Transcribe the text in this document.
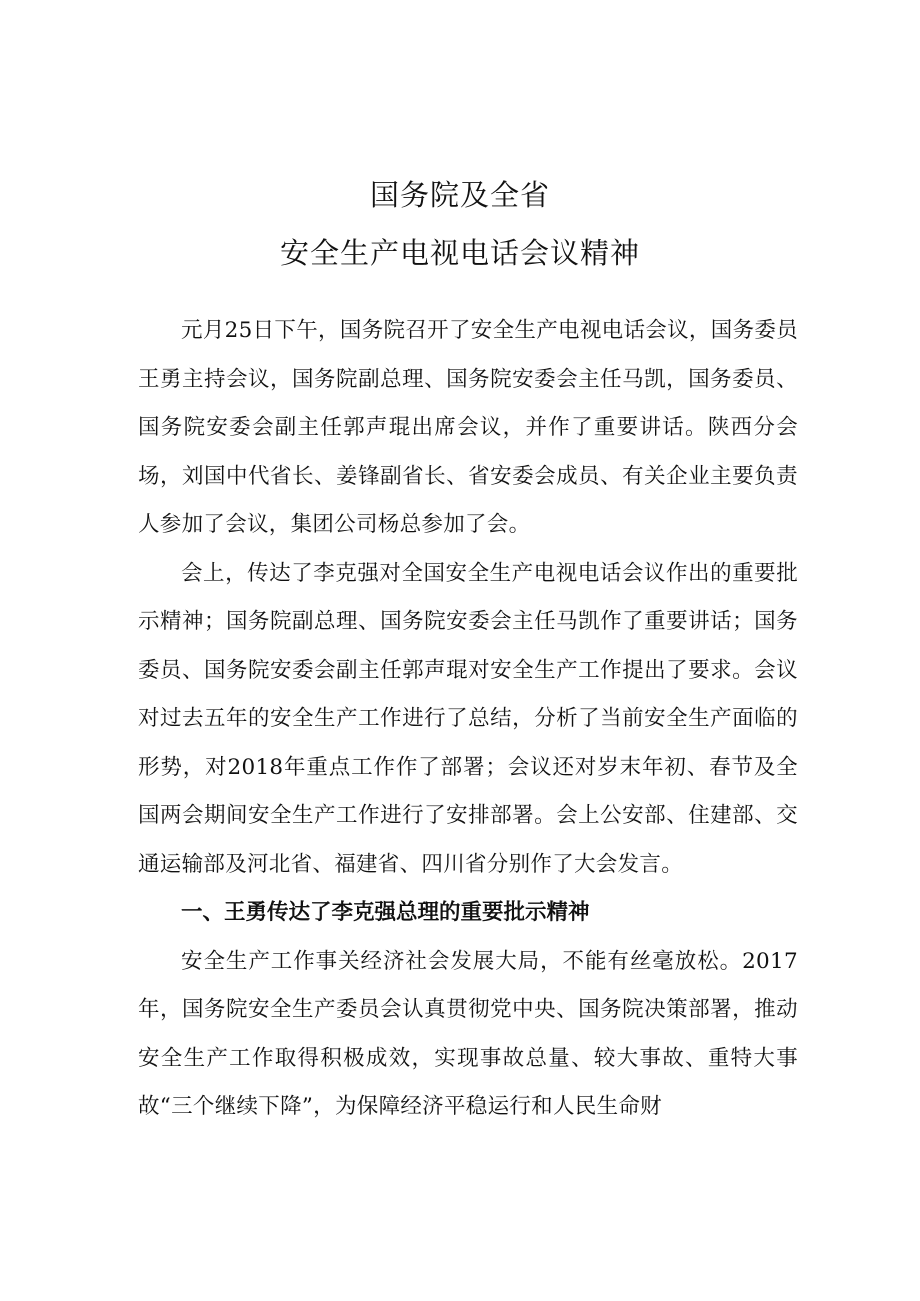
国务院及全省

安全生产电视电话会议精神

元月25日下午，国务院召开了安全生产电视电话会议，国务委员王勇主持会议，国务院副总理、国务院安委会主任马凯，国务委员、国务院安委会副主任郭声琨出席会议，并作了重要讲话。陕西分会场，刘国中代省长、姜锋副省长、省安委会成员、有关企业主要负责人参加了会议，集团公司杨总参加了会。

会上，传达了李克强对全国安全生产电视电话会议作出的重要批示精神；国务院副总理、国务院安委会主任马凯作了重要讲话；国务委员、国务院安委会副主任郭声琨对安全生产工作提出了要求。会议对过去五年的安全生产工作进行了总结，分析了当前安全生产面临的形势，对2018年重点工作作了部署；会议还对岁末年初、春节及全国两会期间安全生产工作进行了安排部署。会上公安部、住建部、交通运输部及河北省、福建省、四川省分别作了大会发言。

一、王勇传达了李克强总理的重要批示精神

安全生产工作事关经济社会发展大局，不能有丝毫放松。2017年，国务院安全生产委员会认真贯彻党中央、国务院决策部署，推动安全生产工作取得积极成效，实现事故总量、较大事故、重特大事故“三个继续下降”，为保障经济平稳运行和人民生命财
